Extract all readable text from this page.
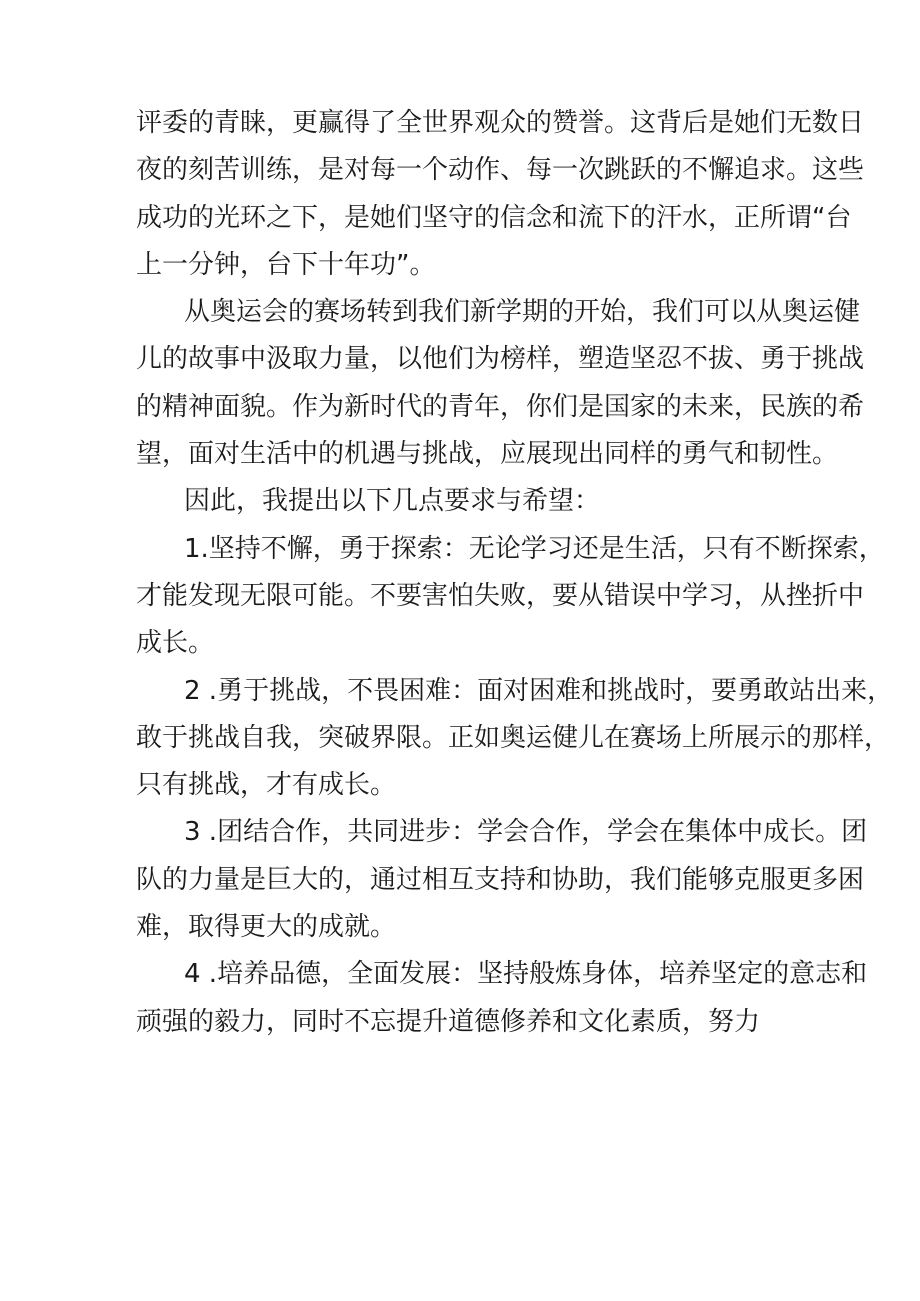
评委的青睐，更赢得了全世界观众的赞誉。这背后是她们无数日
夜的刻苦训练，是对每一个动作、每一次跳跃的不懈追求。这些
成功的光环之下，是她们坚守的信念和流下的汗水，正所谓“台
上一分钟，台下十年功”。
从奥运会的赛场转到我们新学期的开始，我们可以从奥运健
儿的故事中汲取力量，以他们为榜样，塑造坚忍不拔、勇于挑战
的精神面貌。作为新时代的青年，你们是国家的未来，民族的希
望，面对生活中的机遇与挑战，应展现出同样的勇气和韧性。
因此，我提出以下几点要求与希望：
1.坚持不懈，勇于探索：无论学习还是生活，只有不断探索，
才能发现无限可能。不要害怕失败，要从错误中学习，从挫折中
成长。
2 .勇于挑战，不畏困难：面对困难和挑战时，要勇敢站出来，
敢于挑战自我，突破界限。正如奥运健儿在赛场上所展示的那样，
只有挑战，才有成长。
3 .团结合作，共同进步：学会合作，学会在集体中成长。团
队的力量是巨大的，通过相互支持和协助，我们能够克服更多困
难，取得更大的成就。
4 .培养品德，全面发展：坚持般炼身体，培养坚定的意志和
顽强的毅力，同时不忘提升道德修养和文化素质，努力
